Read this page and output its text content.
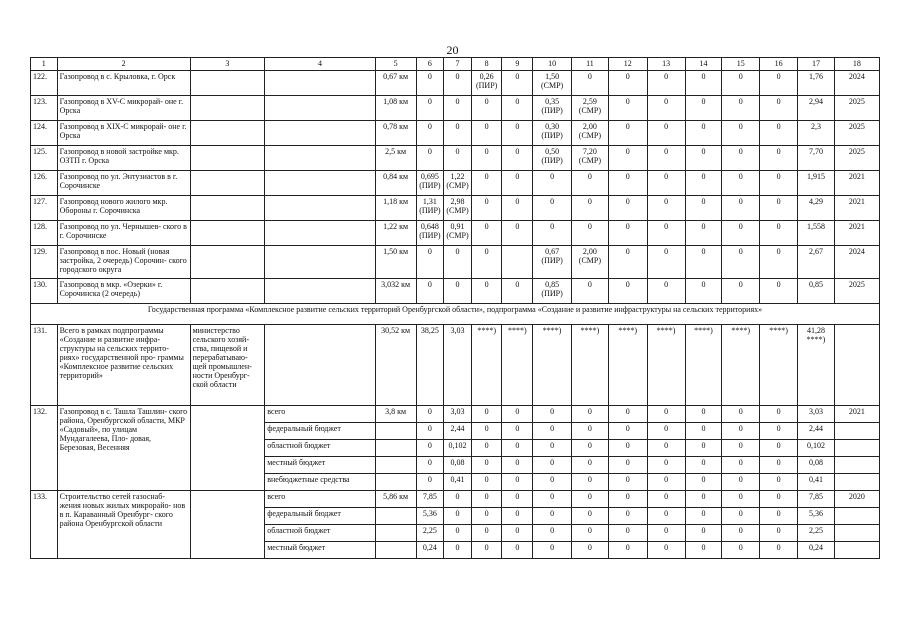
20
1	2	3	4	5	6	7	8	9	10	11	12	13	14	15	16	17	18
122.	Газопровод в с. Крыловка, г. Орск			0,67 км	0	0	0,26 (ПИР)	0	1,50 (СМР)	0	0	0	0	0	0	1,76	2024
123.	Газопровод в XV-С микрорай- оне г. Орска			1,08 км	0	0	0	0	0,35 (ПИР)	2,59 (СМР)	0	0	0	0	0	2,94	2025
124.	Газопровод в XIX-С микрорай- оне г. Орска			0,78 км	0	0	0	0	0,30 (ПИР)	2,00 (СМР)	0	0	0	0	0	2,3	2025
125.	Газопровод в новой застройке мкр. ОЗТП г. Орска			2,5 км	0	0	0	0	0,50 (ПИР)	7,20 (СМР)	0	0	0	0	0	7,70	2025
126.	Газопровод по ул. Энтузиастов в г. Сорочинске			0,84 км	0,695 (ПИР)	1,22 (СМР)	0	0	0	0	0	0	0	0	0	1,915	2021
127.	Газопровод нового жилого мкр. Обороны г. Сорочинска			1,18 км	1,31 (ПИР)	2,98 (СМР)	0	0	0	0	0	0	0	0	0	4,29	2021
128.	Газопровод по ул. Чернышев- ского в г. Сорочинске			1,22 км	0,648 (ПИР)	0,91 (СМР)	0	0	0	0	0	0	0	0	0	1,558	2021
129.	Газопровод в пос. Новый (новая застройка, 2 очередь) Сорочин- ского городского округа			1,50 км	0	0	0		0,67 (ПИР)	2,00 (СМР)	0	0	0	0	0	2,67	2024
130.	Газопровод в мкр. «Озерки» г. Сорочинска (2 очередь)			3,032 км	0	0	0	0	0,85 (ПИР)	0	0	0	0	0	0	0,85	2025
Государственная программа «Комплексное развитие сельских территорий Оренбургской области», подпрограмма «Создание и развитие инфраструктуры на сельских территориях»																	
131.	Всего в рамках подпрограммы «Создание и развитие инфра- структуры на сельских террито- риях» государственной про- граммы «Комплексное развитие сельских территорий»	министерство сельского хозяй- ства, пищевой и перерабатываю- щей промышлен- ности Оренбург- ской области		30,52 км	38,25	3,03	****)	****)	****)	****)	****)	****)	****)	****)	****)	41,28 ****)	
132.	Газопровод в с. Taшла Ташлин- ского района, Оренбургской области, МКР «Садовый», по улицам Мундагалеева, Пло- довая, Березовая, Весенняя		всего	3,8 км	0	3,03	0	0	0	0	0	0	0	0	0	3,03	2021
			федеральный бюджет		0	2,44	0	0	0	0	0	0	0	0	0	2,44	
			областной бюджет		0	0,102	0	0	0	0	0	0	0	0	0	0,102	
			местный бюджет		0	0,08	0	0	0	0	0	0	0	0	0	0,08	
			внебюджетные средства		0	0,41	0	0	0	0	0	0	0	0	0	0,41	
133.	Строительство сетей газоснаб- жения новых жилых микрорайо- нов в п. Караванный Оренбург- ского района Оренбургской области		всего	5,86 км	7,85	0	0	0	0	0	0	0	0	0	0	7,85	2020
			федеральный бюджет		5,36	0	0	0	0	0	0	0	0	0	0	5,36	
			областной бюджет		2,25	0	0	0	0	0	0	0	0	0	0	2,25	
			местный бюджет		0,24	0	0	0	0	0	0	0	0	0	0	0,24	
